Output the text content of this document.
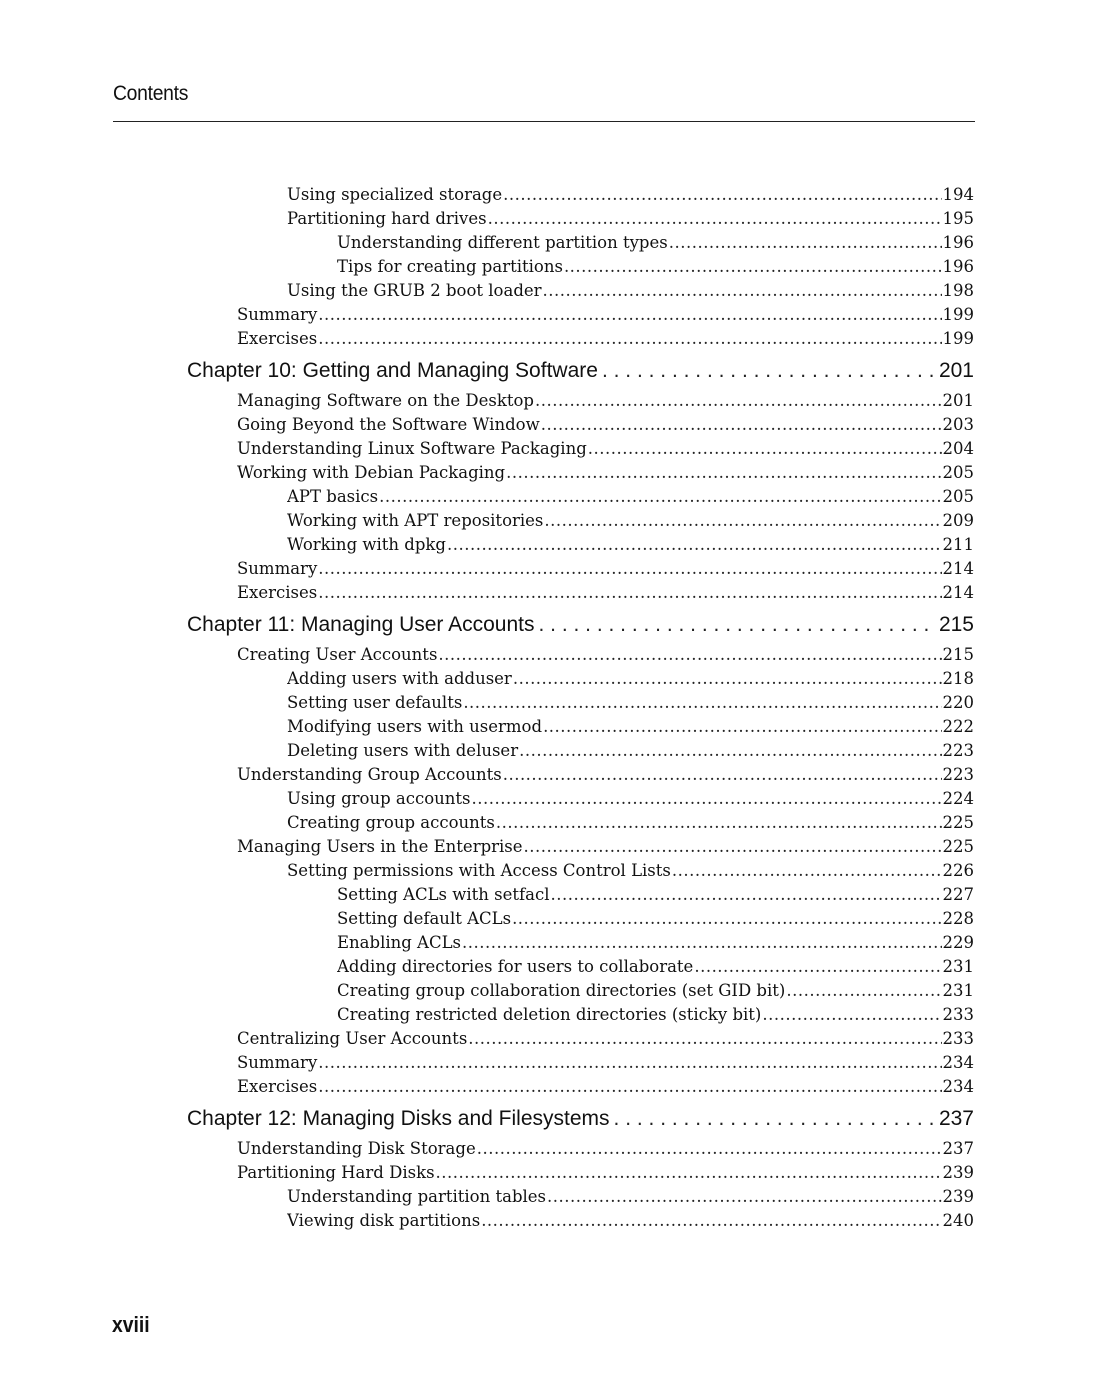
Contents
Using specialized storage .....	194
Partitioning hard drives .....	195
Understanding different partition types .....	196
Tips for creating partitions .....	196
Using the GRUB 2 boot loader .....	198
Summary .....	199
Exercises .....	199
Chapter 10: Getting and Managing Software . . .	201
Managing Software on the Desktop .....	201
Going Beyond the Software Window .....	203
Understanding Linux Software Packaging .....	204
Working with Debian Packaging .....	205
APT basics .....	205
Working with APT repositories .....	209
Working with dpkg .....	211
Summary .....	214
Exercises .....	214
Chapter 11: Managing User Accounts . . .	215
Creating User Accounts .....	215
Adding users with adduser .....	218
Setting user defaults .....	220
Modifying users with usermod .....	222
Deleting users with deluser .....	223
Understanding Group Accounts .....	223
Using group accounts .....	224
Creating group accounts .....	225
Managing Users in the Enterprise .....	225
Setting permissions with Access Control Lists .....	226
Setting ACLs with setfacl .....	227
Setting default ACLs .....	228
Enabling ACLs .....	229
Adding directories for users to collaborate .....	231
Creating group collaboration directories (set GID bit) .....	231
Creating restricted deletion directories (sticky bit) .....	233
Centralizing User Accounts .....	233
Summary .....	234
Exercises .....	234
Chapter 12: Managing Disks and Filesystems . . .	237
Understanding Disk Storage .....	237
Partitioning Hard Disks .....	239
Understanding partition tables .....	239
Viewing disk partitions .....	240
xviii
